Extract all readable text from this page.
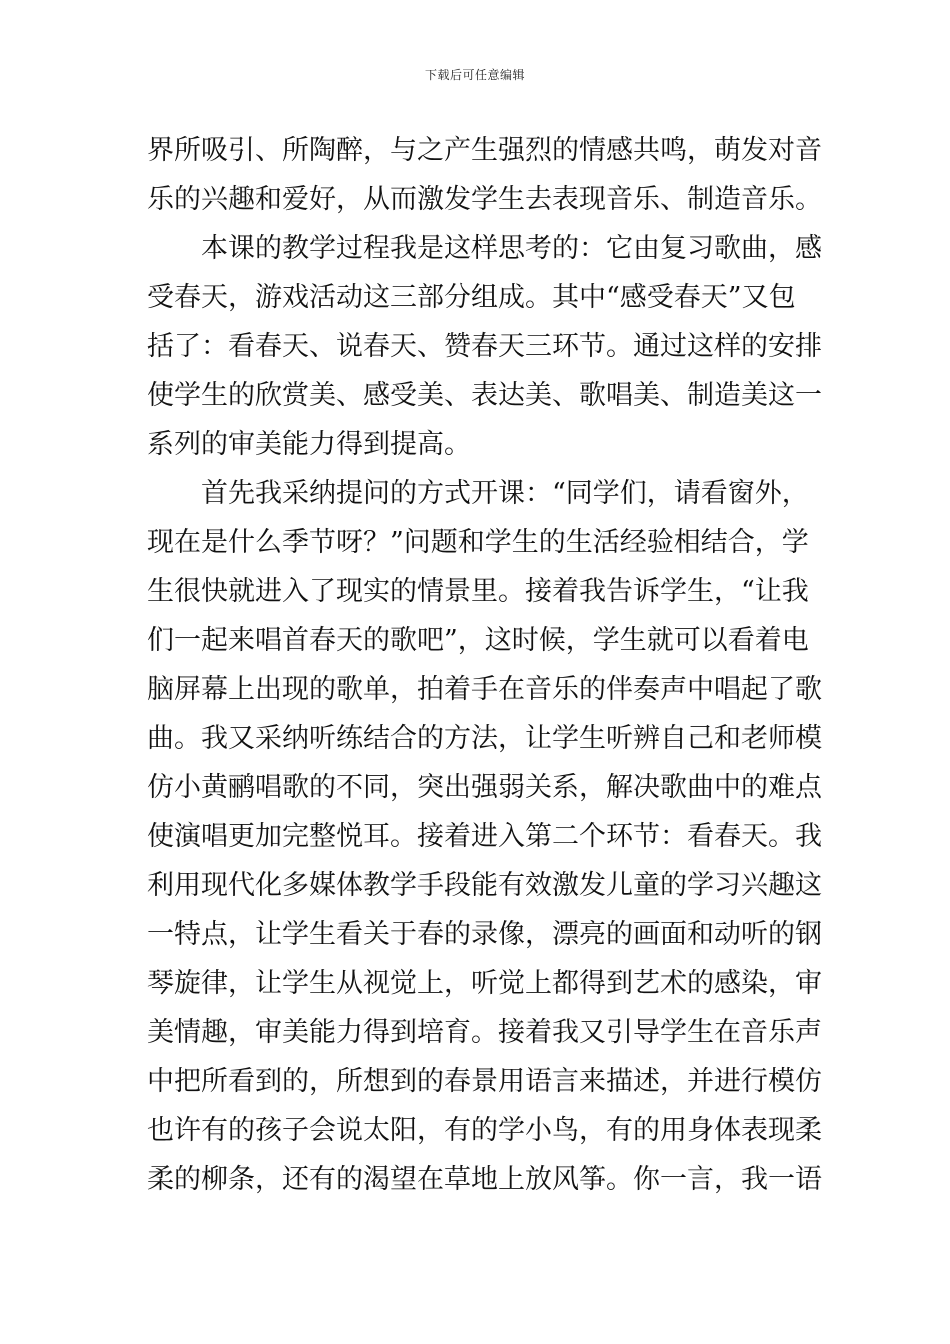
下载后可任意编辑
界所吸引、所陶醉，与之产生强烈的情感共鸣，萌发对音
乐的兴趣和爱好，从而激发学生去表现音乐、制造音乐。
　　本课的教学过程我是这样思考的：它由复习歌曲，感
受春天，游戏活动这三部分组成。其中“感受春天”又包
括了：看春天、说春天、赞春天三环节。通过这样的安排
使学生的欣赏美、感受美、表达美、歌唱美、制造美这一
系列的审美能力得到提高。
　　首先我采纳提问的方式开课：“同学们，请看窗外，
现在是什么季节呀？”问题和学生的生活经验相结合，学
生很快就进入了现实的情景里。接着我告诉学生，“让我
们一起来唱首春天的歌吧”，这时候，学生就可以看着电
脑屏幕上出现的歌单，拍着手在音乐的伴奏声中唱起了歌
曲。我又采纳听练结合的方法，让学生听辨自己和老师模
仿小黄鹂唱歌的不同，突出强弱关系，解决歌曲中的难点
使演唱更加完整悦耳。接着进入第二个环节：看春天。我
利用现代化多媒体教学手段能有效激发儿童的学习兴趣这
一特点，让学生看关于春的录像，漂亮的画面和动听的钢
琴旋律，让学生从视觉上，听觉上都得到艺术的感染，审
美情趣，审美能力得到培育。接着我又引导学生在音乐声
中把所看到的，所想到的春景用语言来描述，并进行模仿
也许有的孩子会说太阳，有的学小鸟，有的用身体表现柔
柔的柳条，还有的渴望在草地上放风筝。你一言，我一语
